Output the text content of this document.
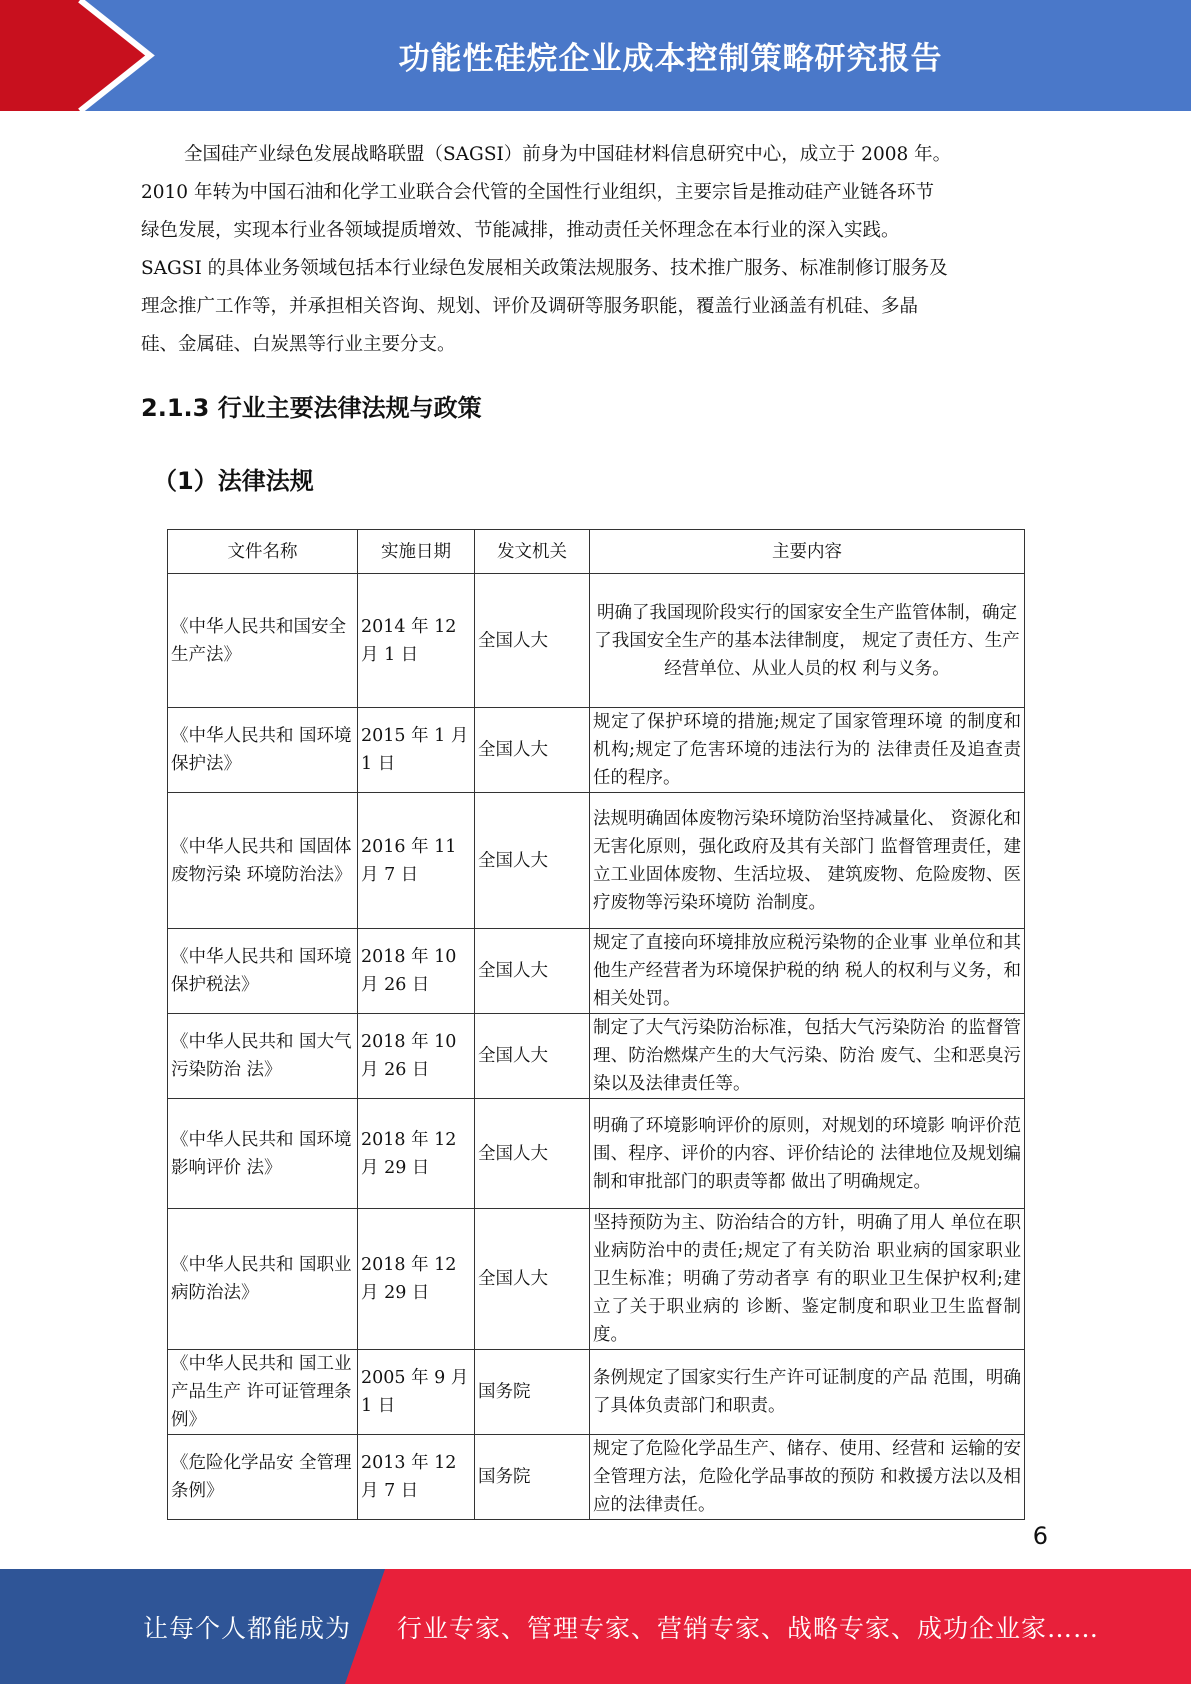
功能性硅烷企业成本控制策略研究报告

全国硅产业绿色发展战略联盟（SAGSI）前身为中国硅材料信息研究中心，成立于 2008 年。
2010 年转为中国石油和化学工业联合会代管的全国性行业组织，主要宗旨是推动硅产业链各环节
绿色发展，实现本行业各领域提质增效、节能减排，推动责任关怀理念在本行业的深入实践。
SAGSI 的具体业务领域包括本行业绿色发展相关政策法规服务、技术推广服务、标准制修订服务及
理念推广工作等，并承担相关咨询、规划、评价及调研等服务职能，覆盖行业涵盖有机硅、多晶
硅、金属硅、白炭黑等行业主要分支。

2.1.3 行业主要法律法规与政策
（1）法律法规
文件名称	实施日期	发文机关	主要内容
《中华人民共和国安全生产法》	2014 年 12 月 1 日	全国人大	明确了我国现阶段实行的国家安全生产监管体制，确定了我国安全生产的基本法律制度， 规定了责任方、生产经营单位、从业人员的权 利与义务。
《中华人民共和 国环境保护法》	2015 年 1 月 1 日	全国人大	规定了保护环境的措施;规定了国家管理环境 的制度和机构;规定了危害环境的违法行为的 法律责任及追查责任的程序。
《中华人民共和 国固体废物污染 环境防治法》	2016 年 11 月 7 日	全国人大	法规明确固体废物污染环境防治坚持减量化、 资源化和无害化原则，强化政府及其有关部门 监督管理责任，建立工业固体废物、生活垃圾、 建筑废物、危险废物、医疗废物等污染环境防 治制度。
《中华人民共和 国环境保护税法》	2018 年 10 月 26 日	全国人大	规定了直接向环境排放应税污染物的企业事 业单位和其他生产经营者为环境保护税的纳 税人的权利与义务，和相关处罚。
《中华人民共和 国大气污染防治 法》	2018 年 10 月 26 日	全国人大	制定了大气污染防治标准，包括大气污染防治 的监督管理、防治燃煤产生的大气污染、防治 废气、尘和恶臭污染以及法律责任等。
《中华人民共和 国环境影响评价 法》	2018 年 12 月 29 日	全国人大	明确了环境影响评价的原则，对规划的环境影 响评价范围、程序、评价的内容、评价结论的 法律地位及规划编制和审批部门的职责等都 做出了明确规定。
《中华人民共和 国职业病防治法》	2018 年 12 月 29 日	全国人大	坚持预防为主、防治结合的方针，明确了用人 单位在职业病防治中的责任;规定了有关防治 职业病的国家职业卫生标准；明确了劳动者享 有的职业卫生保护权利;建立了关于职业病的 诊断、鉴定制度和职业卫生监督制度。
《中华人民共和 国工业产品生产 许可证管理条例》	2005 年 9 月 1 日	国务院	条例规定了国家实行生产许可证制度的产品 范围，明确了具体负责部门和职责。
《危险化学品安 全管理条例》	2013 年 12 月 7 日	国务院	规定了危险化学品生产、储存、使用、经营和 运输的安全管理方法，危险化学品事故的预防 和救援方法以及相应的法律责任。
6
让每个人都能成为 行业专家、管理专家、营销专家、战略专家、成功企业家……
